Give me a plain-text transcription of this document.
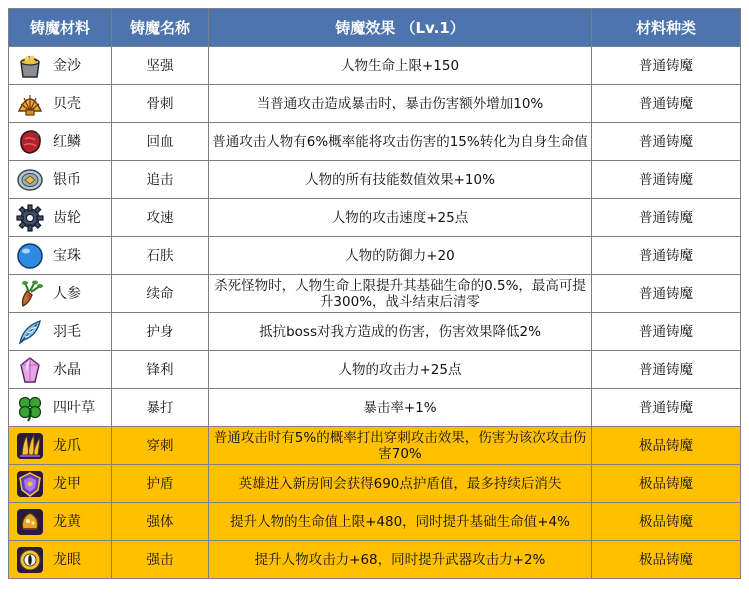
铸魔材料	铸魔名称	铸魔效果 （Lv.1）	材料种类

金沙	坚强	人物生命上限+150	普通铸魔

贝壳	骨刺	当普通攻击造成暴击时，暴击伤害额外增加10%	普通铸魔

红鳞	回血	普通攻击人物有6%概率能将攻击伤害的15%转化为自身生命值	普通铸魔

银币	追击	人物的所有技能数值效果+10%	普通铸魔

齿轮	攻速	人物的攻击速度+25点	普通铸魔

宝珠	石肤	人物的防御力+20	普通铸魔

人参	续命	杀死怪物时，人物生命上限提升其基础生命的0.5%，最高可提升300%，战斗结束后清零	普通铸魔

羽毛	护身	抵抗boss对我方造成的伤害，伤害效果降低2%	普通铸魔

水晶	锋利	人物的攻击力+25点	普通铸魔

四叶草	暴打	暴击率+1%	普通铸魔

龙爪	穿刺	普通攻击时有5%的概率打出穿刺攻击效果，伤害为该次攻击伤害70%	极品铸魔

龙甲	护盾	英雄进入新房间会获得690点护盾值，最多持续后消失	极品铸魔

龙黄	强体	提升人物的生命值上限+480，同时提升基础生命值+4%	极品铸魔

龙眼	强击	提升人物攻击力+68，同时提升武器攻击力+2%	极品铸魔
